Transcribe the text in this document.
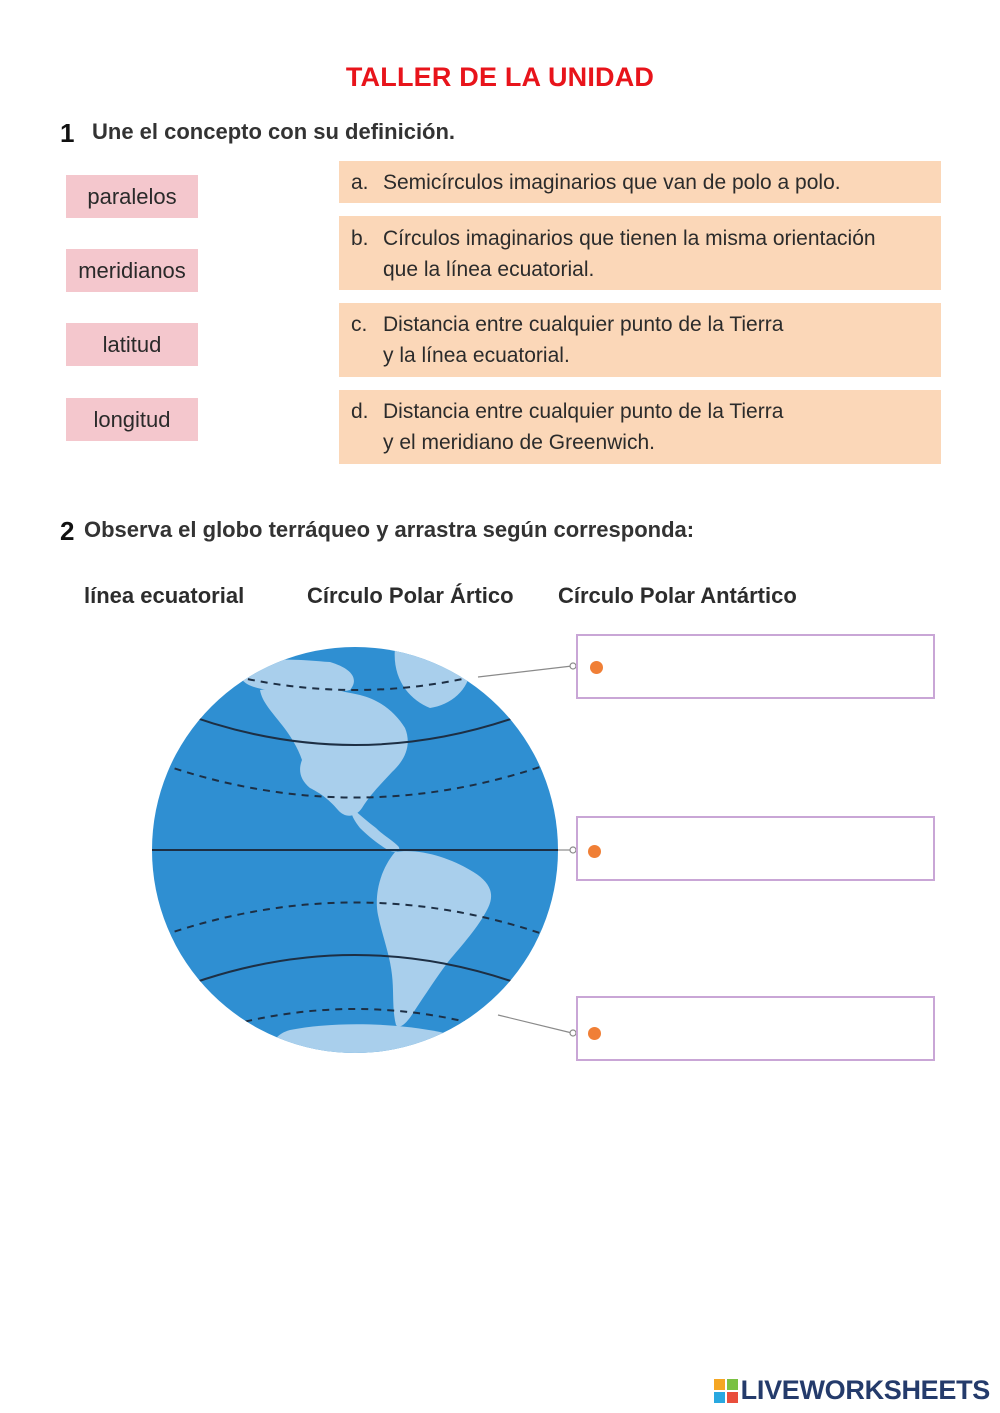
TALLER DE LA UNIDAD
1 Une el concepto con su definición.
paralelos
meridianos
latitud
longitud
a. Semicírculos imaginarios que van de polo a polo.
b. Círculos imaginarios que tienen la misma orientación
que la línea ecuatorial.
c. Distancia entre cualquier punto de la Tierra
y la línea ecuatorial.
d. Distancia entre cualquier punto de la Tierra
y el meridiano de Greenwich.
2 Observa el globo terráqueo y arrastra según corresponda:
línea ecuatorial	Círculo Polar Ártico Círculo Polar Antártico
LIVEWORKSHEETS
